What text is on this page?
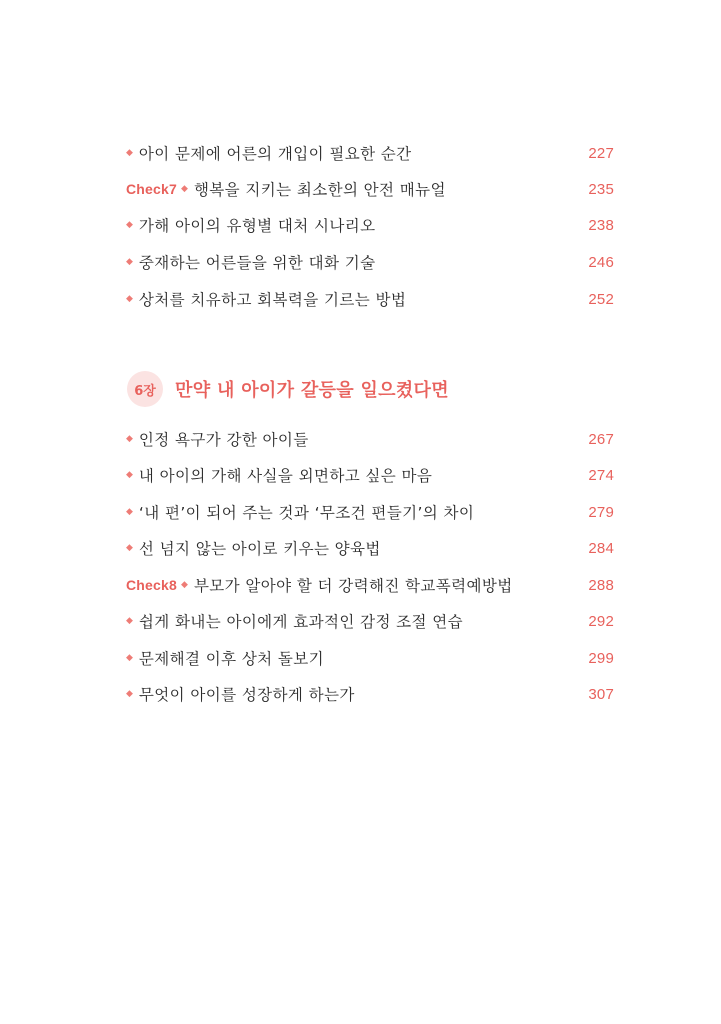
◆ 아이 문제에 어른의 개입이 필요한 순간	227
Check7 ◆ 행복을 지키는 최소한의 안전 매뉴얼	235
◆ 가해 아이의 유형별 대처 시나리오	238
◆ 중재하는 어른들을 위한 대화 기술	246
◆ 상처를 치유하고 회복력을 기르는 방법	252
6장	만약 내 아이가 갈등을 일으켰다면
◆ 인정 욕구가 강한 아이들	267
◆ 내 아이의 가해 사실을 외면하고 싶은 마음	274
◆ ‘내 편’이 되어 주는 것과 ‘무조건 편들기’의 차이	279
◆ 선 넘지 않는 아이로 키우는 양육법	284
Check8 ◆ 부모가 알아야 할 더 강력해진 학교폭력예방법	288
◆ 쉽게 화내는 아이에게 효과적인 감정 조절 연습	292
◆ 문제해결 이후 상처 돌보기	299
◆ 무엇이 아이를 성장하게 하는가	307
